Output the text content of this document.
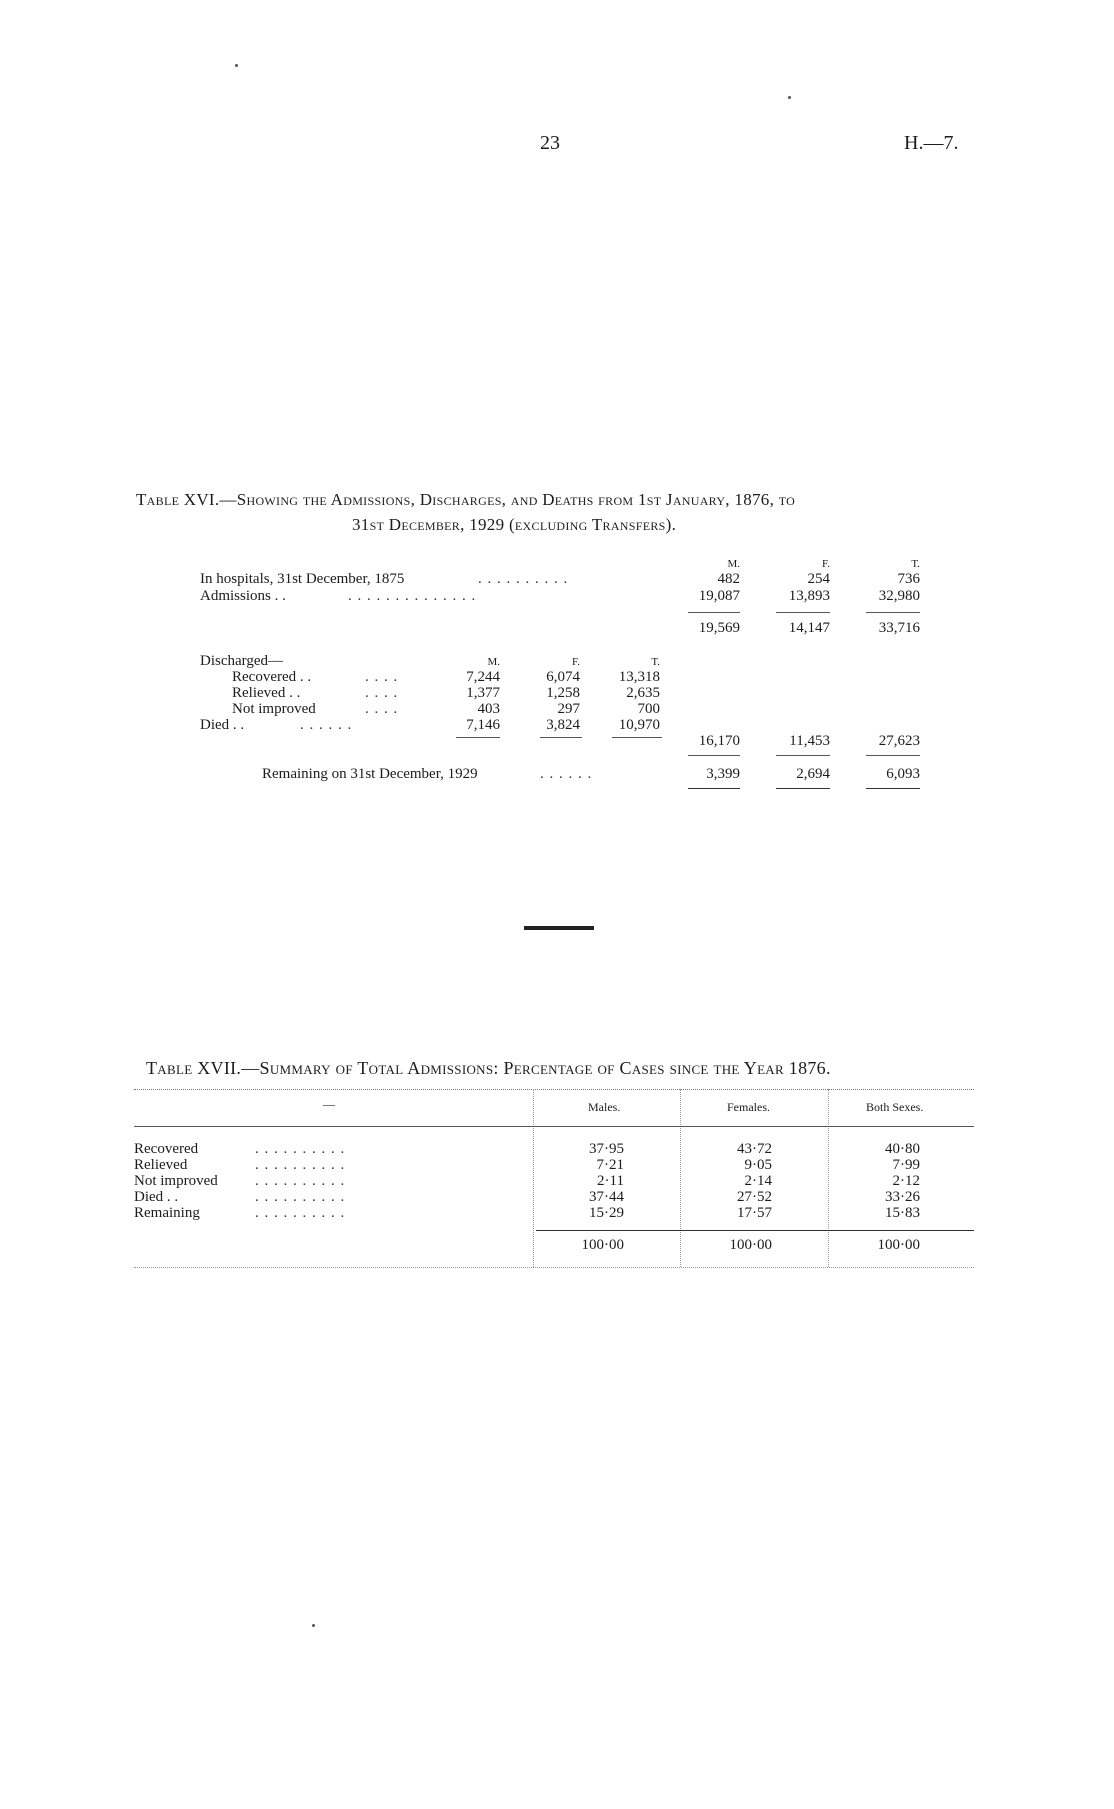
23	H.—7.
Table XVI.—Showing the Admissions, Discharges, and Deaths from 1st January, 1876, to
31st December, 1929 (excluding Transfers).
M.	F.	T.
In hospitals, 31st December, 1875	. . . . . . . . . .	482	254	736
Admissions . .	. . . . . . . . . . . . . .	19,087	13,893	32,980
19,569	14,147	33,716
Discharged—	M.	F.	T.
Recovered . .	. . . .	7,244	6,074	13,318
Relieved . .	. . . .	1,377	1,258	2,635
Not improved	. . . .	403	297	700
Died . .	. . . . . .	7,146	3,824	10,970
16,170	11,453	27,623
Remaining on 31st December, 1929	. . . . . .	3,399	2,694	6,093
Table XVII.—Summary of Total Admissions: Percentage of Cases since the Year 1876.
—	Males.	Females.	Both Sexes.
Recovered	. . . . . . . . . .	37·95	43·72	40·80
Relieved	. . . . . . . . . .	7·21	9·05	7·99
Not improved . . . . . . . . . .	2·11	2·14	2·12
Died . .	. . . . . . . . . .	37·44	27·52	33·26
Remaining	. . . . . . . . . .	15·29	17·57	15·83
100·00	100·00	100·00
